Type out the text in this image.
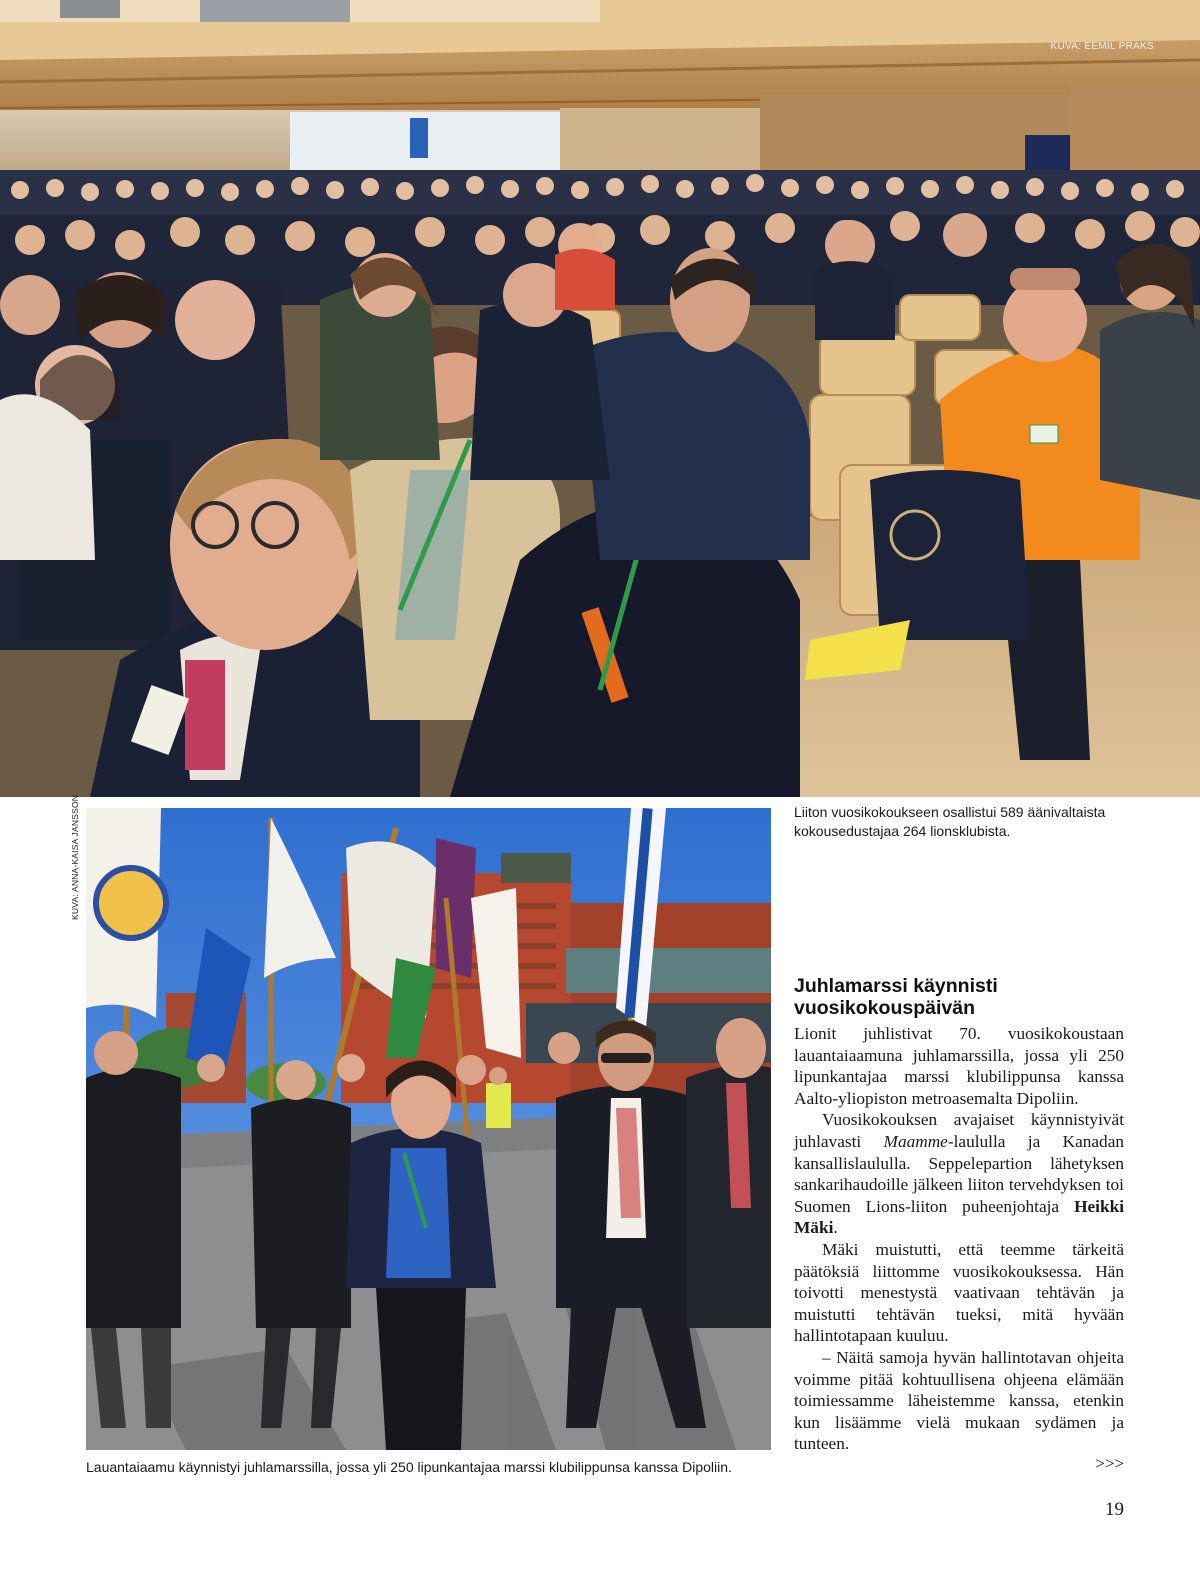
KUVA: EEMIL PRAKS
KUVA: ANNA-KAISA JANSSON	Liiton vuosikokoukseen osallistui 589 äänivaltaista kokousedustajaa 264 lionsklubista.
Lauantaiaamu käynnistyi juhlamarssilla, jossa yli 250 lipunkantajaa marssi klubilippunsa kanssa Dipoliin.
Juhlamarssi käynnisti vuosikokouspäivän

Lionit juhlistivat 70. vuosikokoustaan lauantaiaamuna juhlamarssilla, jossa yli 250 lipunkantajaa marssi klubilippunsa kanssa Aalto-yliopiston metroasemalta Dipoliin.

Vuosikokouksen avajaiset käynnistyivät juhlavasti Maamme-laululla ja Kanadan kansallislaululla. Seppelepartion lähetyksen sankarihaudoille jälkeen liiton tervehdyksen toi Suomen Lions-liiton puheenjohtaja Heikki Mäki.

Mäki muistutti, että teemme tärkeitä päätöksiä liittomme vuosikokouksessa. Hän toivotti menestystä vaativaan tehtävän ja muistutti tehtävän tueksi, mitä hyvään hallintotapaan kuuluu.

– Näitä samoja hyvän hallintotavan ohjeita voimme pitää kohtuullisena ohjeena elämään toimiessamme läheistemme kanssa, etenkin kun lisäämme vielä mukaan sydämen ja tunteen.

>>>
19
